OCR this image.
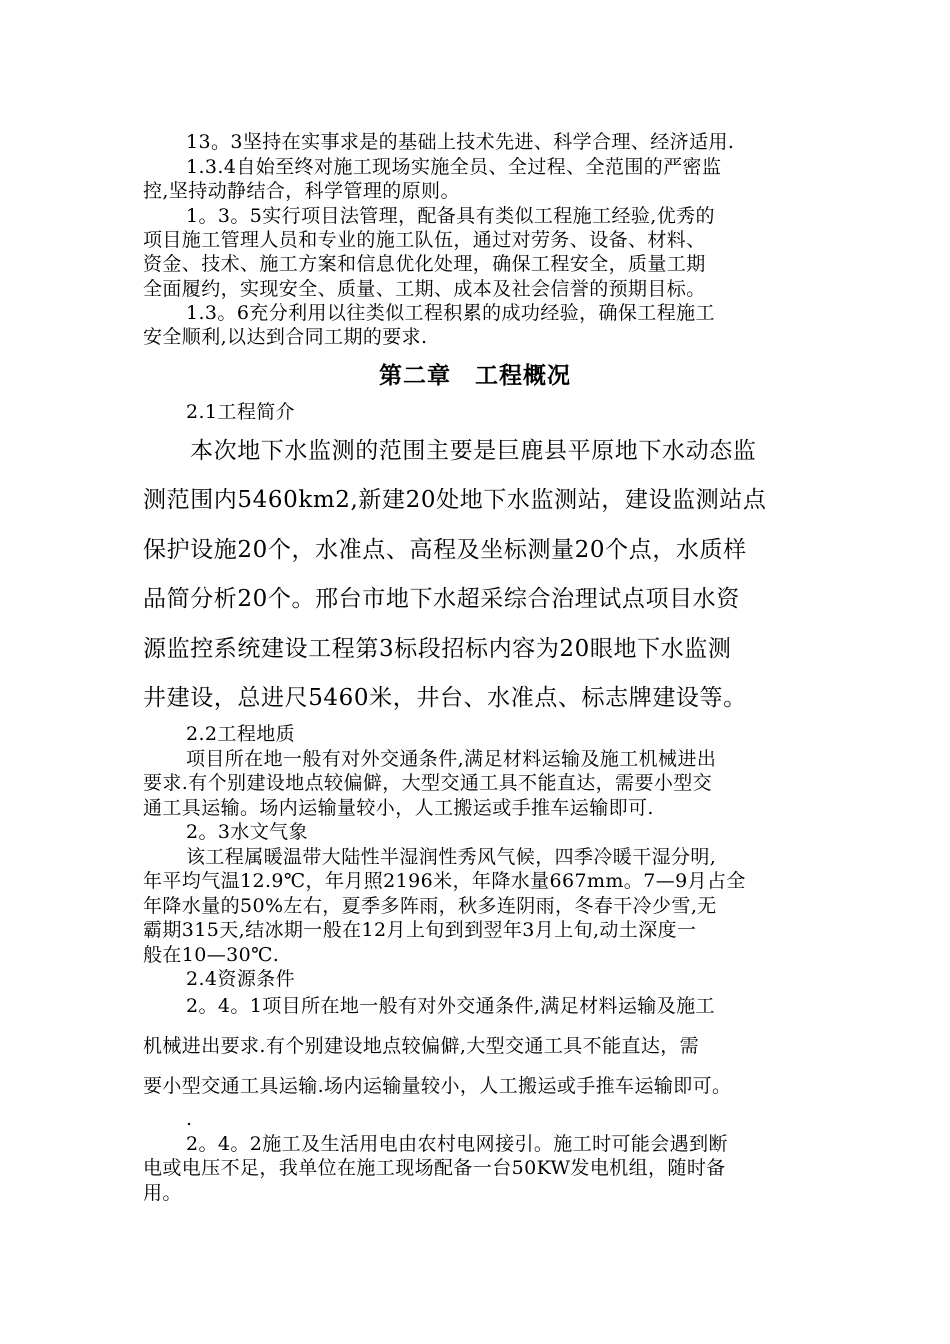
13。3坚持在实事求是的基础上技术先进、科学合理、经济适用.
1.3.4自始至终对施工现场实施全员、全过程、全范围的严密监
控,坚持动静结合，科学管理的原则。
1。3。5实行项目法管理，配备具有类似工程施工经验,优秀的
项目施工管理人员和专业的施工队伍，通过对劳务、设备、材料、
资金、技术、施工方案和信息优化处理，确保工程安全，质量工期
全面履约，实现安全、质量、工期、成本及社会信誉的预期目标。
1.3。6充分利用以往类似工程积累的成功经验，确保工程施工
安全顺利,以达到合同工期的要求.
第二章　工程概况
2.1工程简介
本次地下水监测的范围主要是巨鹿县平原地下水动态监
测范围内5460km2,新建20处地下水监测站，建设监测站点
保护设施20个，水准点、高程及坐标测量20个点，水质样
品简分析20个。邢台市地下水超采综合治理试点项目水资
源监控系统建设工程第3标段招标内容为20眼地下水监测
井建设，总进尺5460米，井台、水准点、标志牌建设等。
2.2工程地质
项目所在地一般有对外交通条件,满足材料运输及施工机械进出
要求.有个别建设地点较偏僻，大型交通工具不能直达，需要小型交
通工具运输。场内运输量较小，人工搬运或手推车运输即可.
2。3水文气象
该工程属暖温带大陆性半湿润性秀风气候，四季冷暖干湿分明,
年平均气温12.9℃，年月照2196米，年降水量667mm。7—9月占全
年降水量的50%左右，夏季多阵雨，秋多连阴雨，冬春干冷少雪,无
霸期315天,结冰期一般在12月上旬到到翌年3月上旬,动土深度一
般在10—30℃.
2.4资源条件
2。4。1项目所在地一般有对外交通条件,满足材料运输及施工
机械进出要求.有个别建设地点较偏僻,大型交通工具不能直达，需
要小型交通工具运输.场内运输量较小，人工搬运或手推车运输即可。
.
2。4。2施工及生活用电由农村电网接引。施工时可能会遇到断
电或电压不足，我单位在施工现场配备一台50KW发电机组，随时备
用。
